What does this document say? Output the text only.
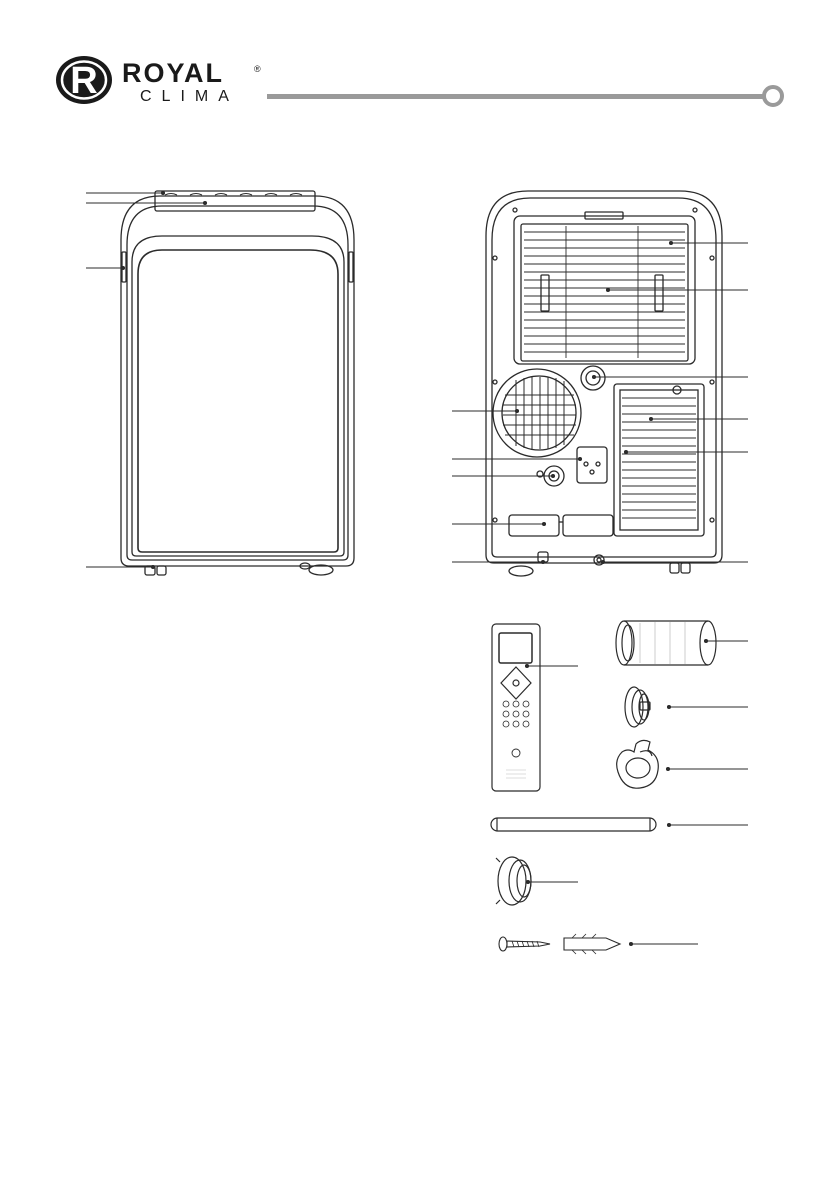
R ROYAL	®
CLIMA
